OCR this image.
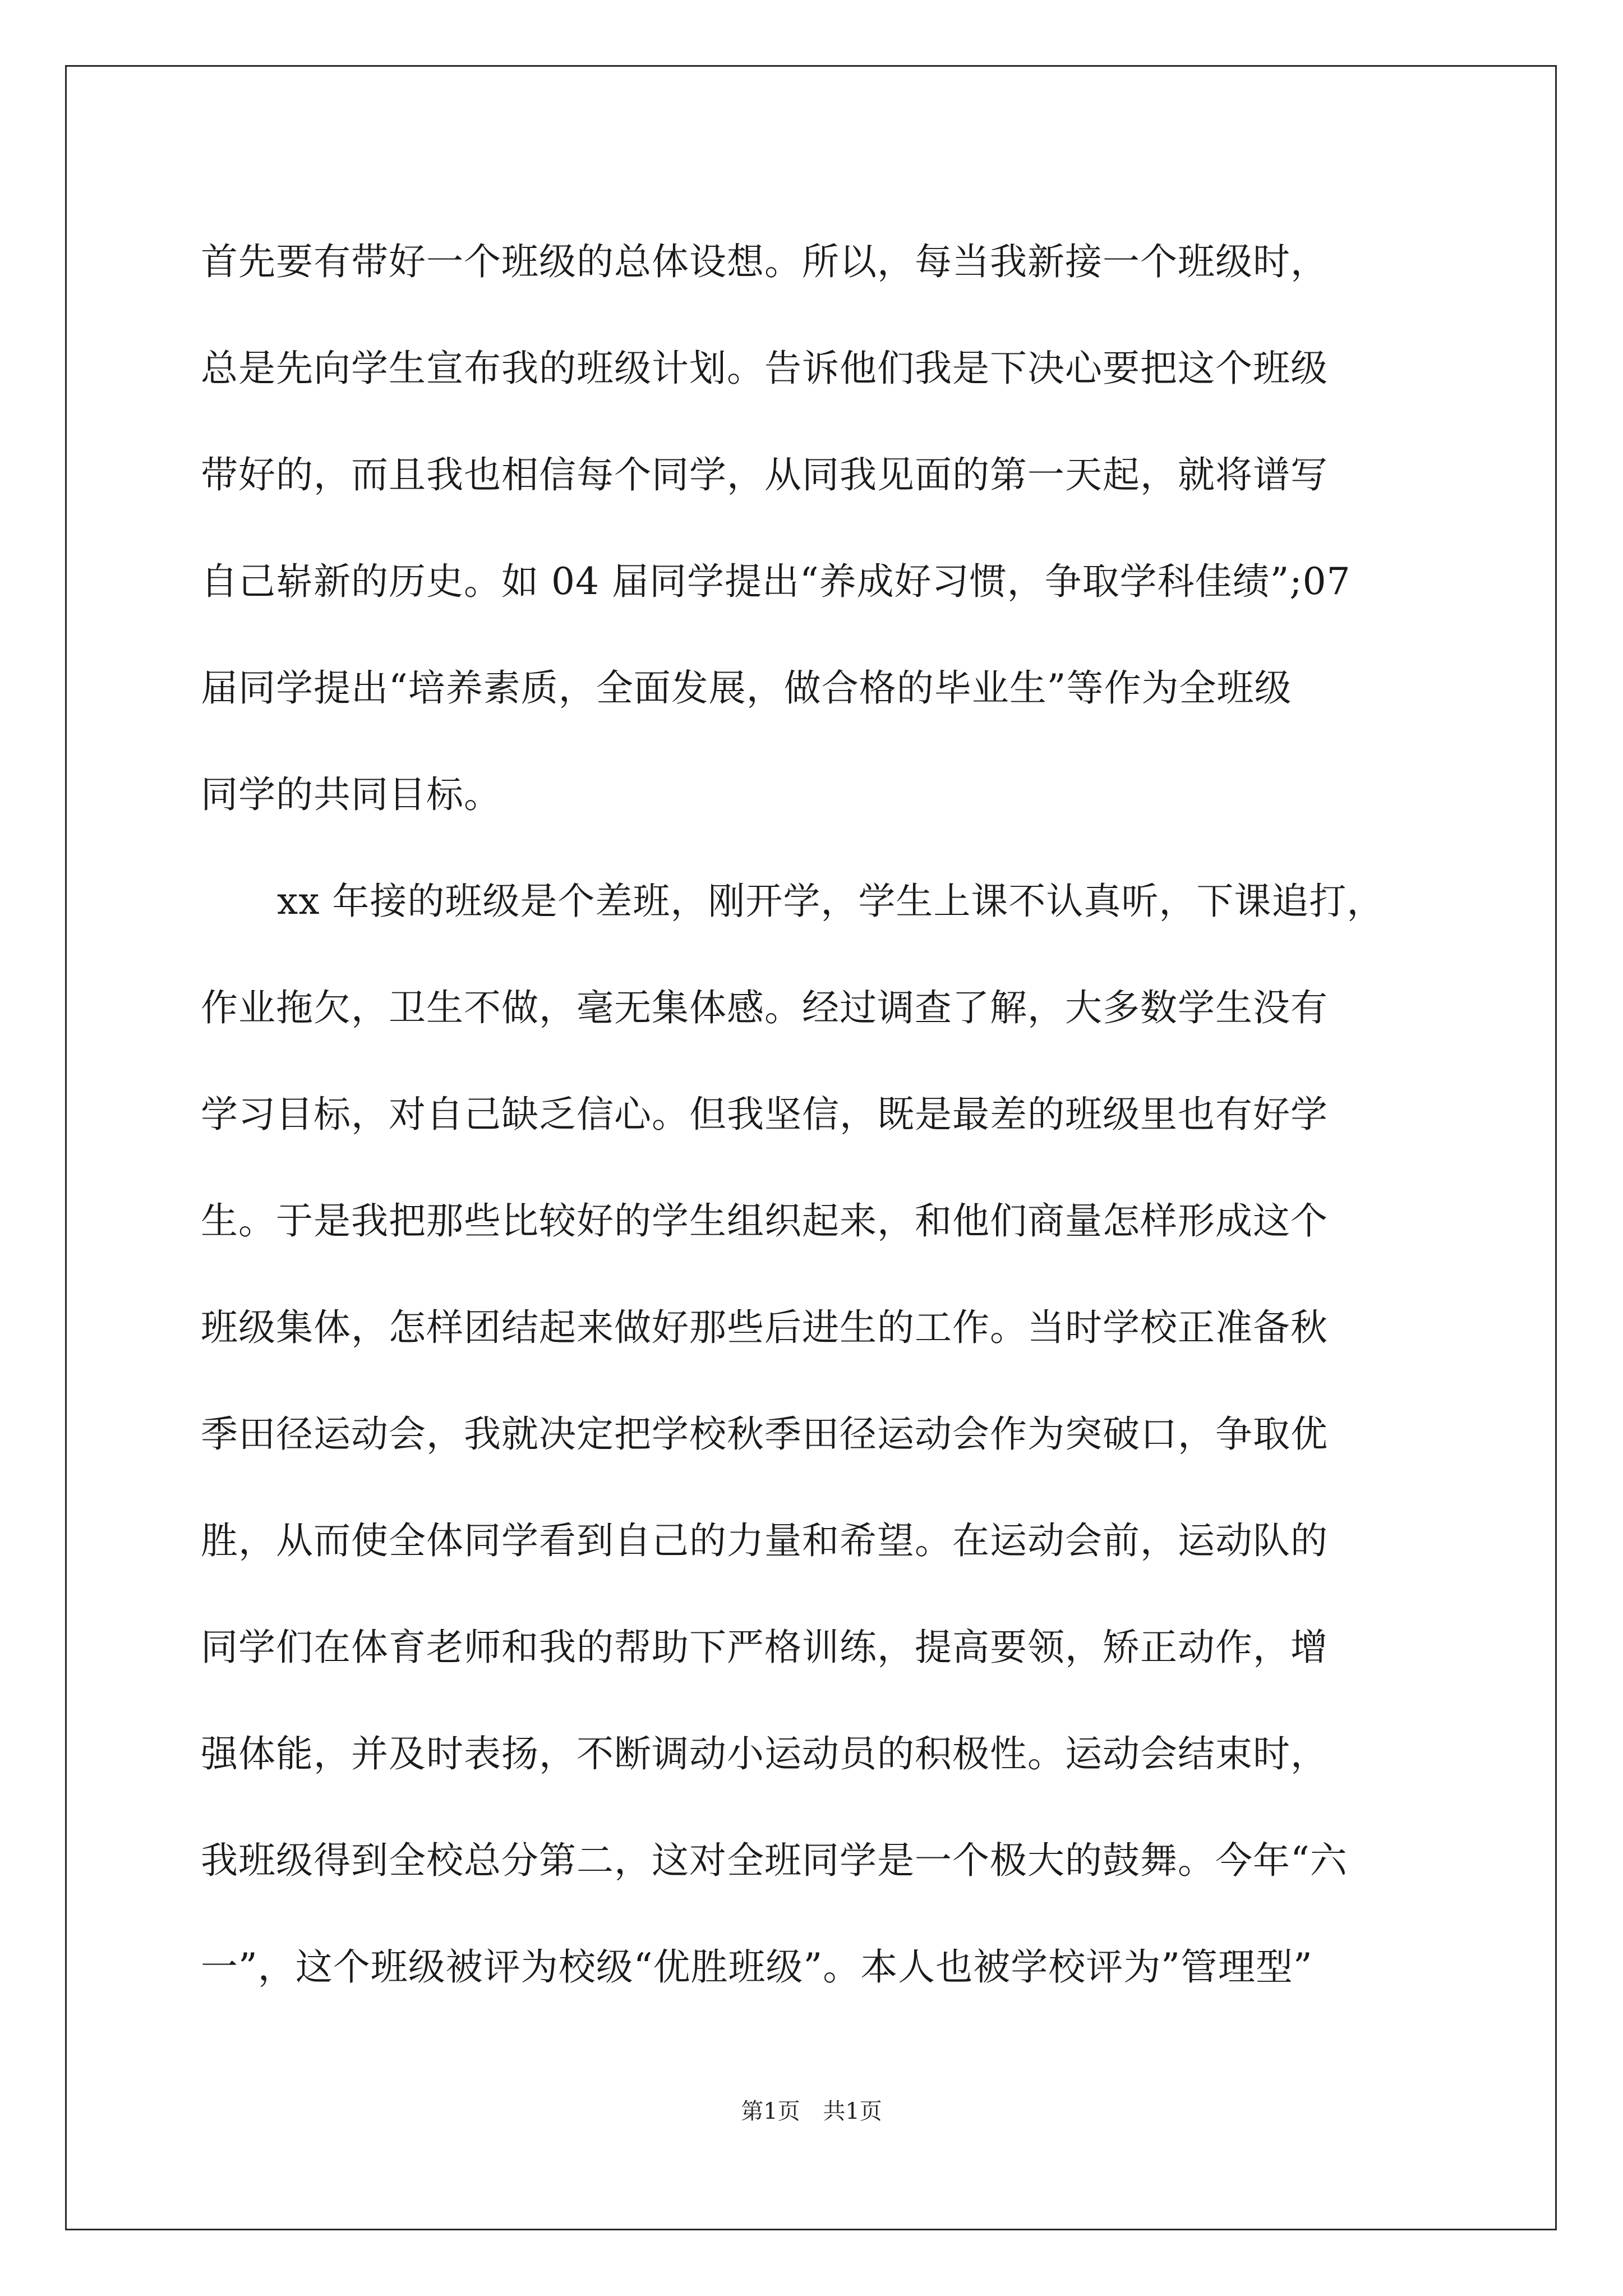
首先要有带好一个班级的总体设想。所以，每当我新接一个班级时，
总是先向学生宣布我的班级计划。告诉他们我是下决心要把这个班级
带好的，而且我也相信每个同学，从同我见面的第一天起，就将谱写
自己崭新的历史。如 04 届同学提出“养成好习惯，争取学科佳绩”;07
届同学提出“培养素质，全面发展，做合格的毕业生”等作为全班级
同学的共同目标。
xx 年接的班级是个差班，刚开学，学生上课不认真听，下课追打，
作业拖欠，卫生不做，毫无集体感。经过调查了解，大多数学生没有
学习目标，对自己缺乏信心。但我坚信，既是最差的班级里也有好学
生。于是我把那些比较好的学生组织起来，和他们商量怎样形成这个
班级集体，怎样团结起来做好那些后进生的工作。当时学校正准备秋
季田径运动会，我就决定把学校秋季田径运动会作为突破口，争取优
胜，从而使全体同学看到自己的力量和希望。在运动会前，运动队的
同学们在体育老师和我的帮助下严格训练，提高要领，矫正动作，增
强体能，并及时表扬，不断调动小运动员的积极性。运动会结束时，
我班级得到全校总分第二，这对全班同学是一个极大的鼓舞。今年“六
一”，这个班级被评为校级“优胜班级”。本人也被学校评为”管理型”
第1页 共1页
